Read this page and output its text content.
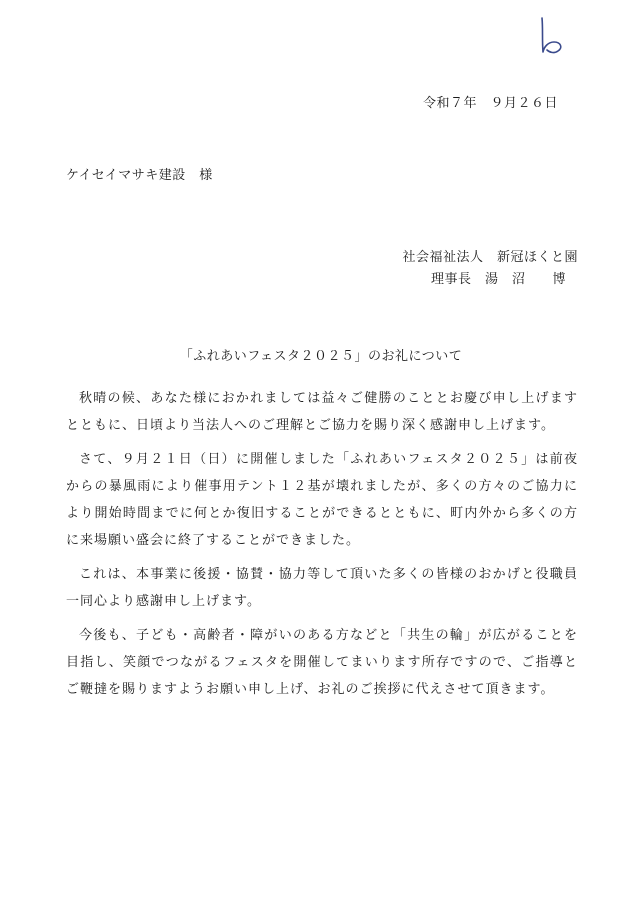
令和７年　９月２６日
ケイセイマサキ建設　様
社会福祉法人　新冠ほくと園
理事長　湯　沼　　博
「ふれあいフェスタ２０２５」のお礼について

秋晴の候、あなた様におかれましては益々ご健勝のこととお慶び申し上げますとともに、日頃より当法人へのご理解とご協力を賜り深く感謝申し上げます。

さて、９月２１日（日）に開催しました「ふれあいフェスタ２０２５」は前夜からの暴風雨により催事用テント１２基が壊れましたが、多くの方々のご協力により開始時間までに何とか復旧することができるとともに、町内外から多くの方に来場願い盛会に終了することができました。

これは、本事業に後援・協賛・協力等して頂いた多くの皆様のおかげと役職員一同心より感謝申し上げます。

今後も、子ども・高齢者・障がいのある方などと「共生の輪」が広がることを目指し、笑顔でつながるフェスタを開催してまいります所存ですので、ご指導とご鞭撻を賜りますようお願い申し上げ、お礼のご挨拶に代えさせて頂きます。
